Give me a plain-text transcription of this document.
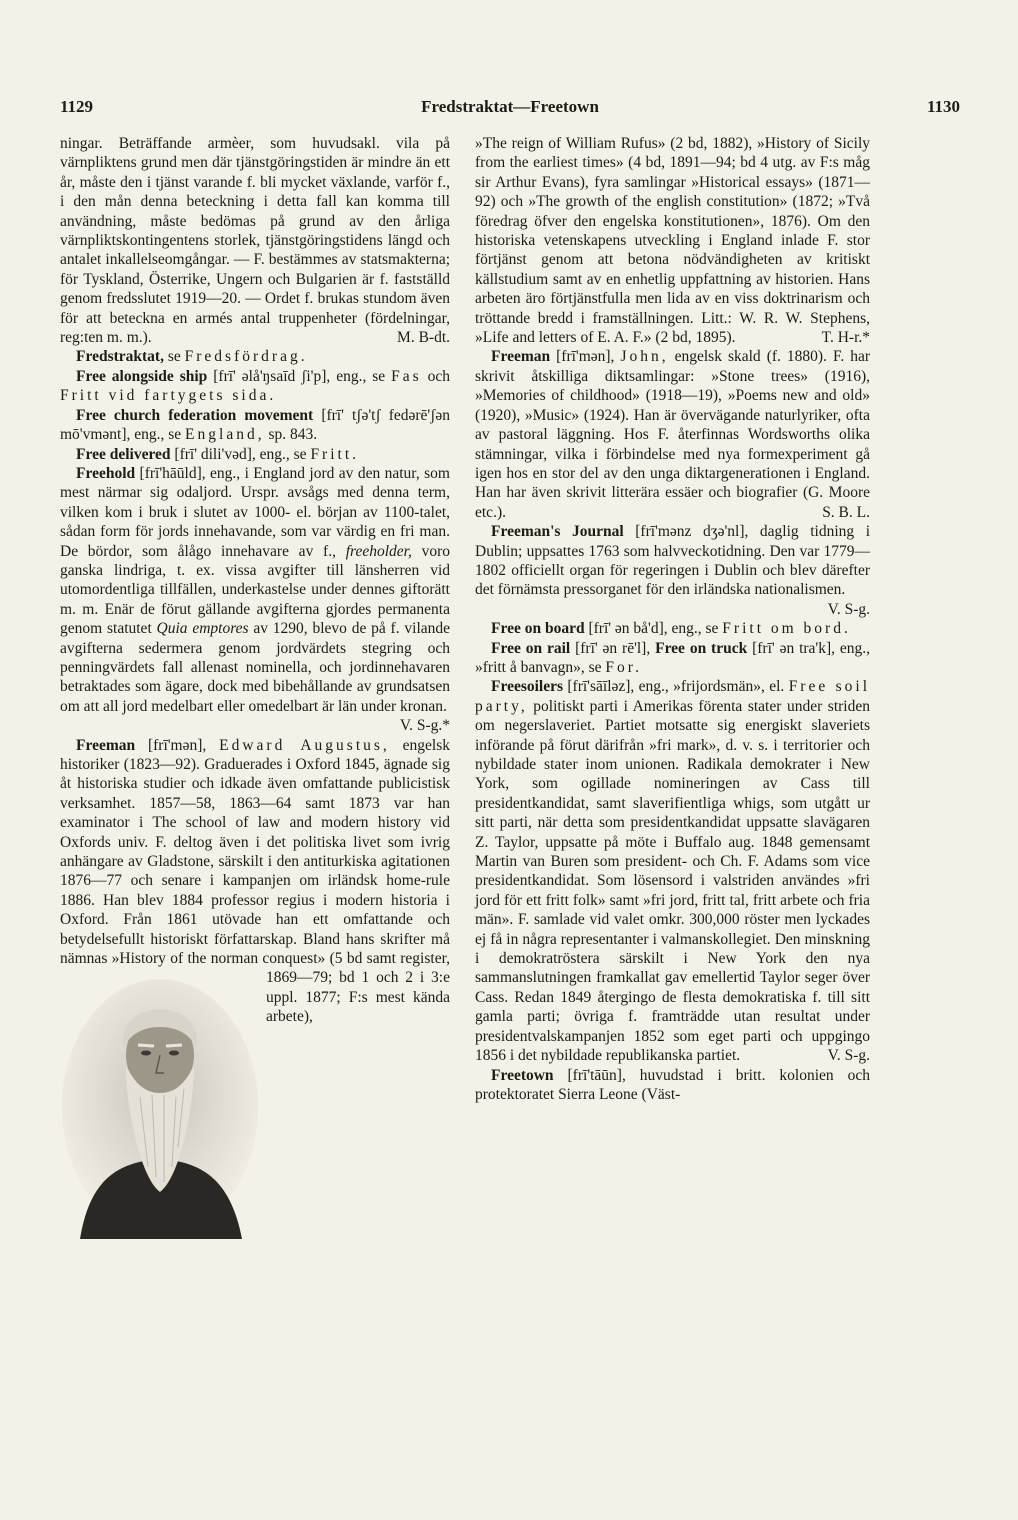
1129	Fredstraktat—Freetown	1130

ningar. Beträffande armèer, som huvudsakl. vila på värnpliktens grund men där tjänstgöringstiden är mindre än ett år, måste den i tjänst varande f. bli mycket växlande, varför f., i den mån denna beteckning i detta fall kan komma till användning, måste bedömas på grund av den årliga värnpliktskontingentens storlek, tjänstgöringstidens längd och antalet inkallelseomgångar. — F. bestämmes av statsmakterna; för Tyskland, Österrike, Ungern och Bulgarien är f. fastställd genom fredsslutet 1919—20. — Ordet f. brukas stundom även för att beteckna en armés antal truppenheter (fördelningar, reg:ten m. m.).	M. B-dt.

Fredstraktat, se Fredsfördrag.

Free alongside ship [frī' əlå'ŋsaīd ʃi'p], eng., se Fas och Fritt vid fartygets sida.

Free church federation movement [frī' tʃə'tʃ fedərē'ʃən mō'vmənt], eng., se England, sp. 843.

Free delivered [frī' dili'vəd], eng., se Fritt.

Freehold [frī'hāūld], eng., i England jord av den natur, som mest närmar sig odaljord. Urspr. avsågs med denna term, vilken kom i bruk i slutet av 1000- el. början av 1100-talet, sådan form för jords innehavande, som var värdig en fri man. De bördor, som ålågo innehavare av f., freeholder, voro ganska lindriga, t. ex. vissa avgifter till länsherren vid utomordentliga tillfällen, underkastelse under dennes giftorätt m. m. Enär de förut gällande avgifterna gjordes permanenta genom statutet Quia emptores av 1290, blevo de på f. vilande avgifterna sedermera genom jordvärdets stegring och penningvärdets fall allenast nominella, och jordinnehavaren betraktades som ägare, dock med bibehållande av grundsatsen om att all jord medelbart eller omedelbart är län under kronan.
V. S-g.*

Freeman [frī'mən], Edward Augustus, engelsk historiker (1823—92). Graduerades i Oxford 1845, ägnade sig åt historiska studier och idkade även omfattande publicistisk verksamhet. 1857—58, 1863—64 samt 1873 var han examinator i The school of law and modern history vid Oxfords univ. F. deltog även i det politiska livet som ivrig anhängare av Gladstone, särskilt i den antiturkiska agitationen 1876—77 och senare i kampanjen om irländsk home-rule 1886. Han blev 1884 professor regius i modern historia i Oxford. Från 1861 utövade han ett omfattande och betydelsefullt historiskt författarskap. Bland hans skrifter må nämnas »History of the norman conquest» (5 bd samt register, 1869—79; bd 1 och 2 i 3:e uppl. 1877; F:s mest kända arbete),

»The reign of William Rufus» (2 bd, 1882), »History of Sicily from the earliest times» (4 bd, 1891—94; bd 4 utg. av F:s måg sir Arthur Evans), fyra samlingar »Historical essays» (1871—92) och »The growth of the english constitution» (1872; »Två föredrag öfver den engelska konstitutionen», 1876). Om den historiska vetenskapens utveckling i England inlade F. stor förtjänst genom att betona nödvändigheten av kritiskt källstudium samt av en enhetlig uppfattning av historien. Hans arbeten äro förtjänstfulla men lida av en viss doktrinarism och tröttande bredd i framställningen. Litt.: W. R. W. Stephens, »Life and letters of E. A. F.» (2 bd, 1895).	T. H-r.*

Freeman [frī'mən], John, engelsk skald (f. 1880). F. har skrivit åtskilliga diktsamlingar: »Stone trees» (1916), »Memories of childhood» (1918—19), »Poems new and old» (1920), »Music» (1924). Han är övervägande naturlyriker, ofta av pastoral läggning. Hos F. återfinnas Wordsworths olika stämningar, vilka i förbindelse med nya formexperiment gå igen hos en stor del av den unga diktargenerationen i England. Han har även skrivit litterära essäer och biografier (G. Moore etc.).	S. B. L.

Freeman's Journal [frī'mənz dʒə'nl], daglig tidning i Dublin; uppsattes 1763 som halvveckotidning. Den var 1779—1802 officiellt organ för regeringen i Dublin och blev därefter det förnämsta pressorganet för den irländska nationalismen.
V. S-g.

Free on board [frī' ən bå'd], eng., se Fritt om bord.

Free on rail [frī' ən rē'l], Free on truck [frī' ən tra'k], eng., »fritt å banvagn», se For.

Freesoilers [frī'sāīləz], eng., »frijordsmän», el. Free soil party, politiskt parti i Amerikas förenta stater under striden om negerslaveriet. Partiet motsatte sig energiskt slaveriets införande på förut därifrån »fri mark», d. v. s. i territorier och nybildade stater inom unionen. Radikala demokrater i New York, som ogillade nomineringen av Cass till presidentkandidat, samt slaverifientliga whigs, som utgått ur sitt parti, när detta som presidentkandidat uppsatte slavägaren Z. Taylor, uppsatte på möte i Buffalo aug. 1848 gemensamt Martin van Buren som president- och Ch. F. Adams som vice presidentkandidat. Som lösensord i valstriden användes »fri jord för ett fritt folk» samt »fri jord, fritt tal, fritt arbete och fria män». F. samlade vid valet omkr. 300,000 röster men lyckades ej få in några representanter i valmanskollegiet. Den minskning i demokratröstera särskilt i New York den nya sammanslutningen framkallat gav emellertid Taylor seger över Cass. Redan 1849 återgingo de flesta demokratiska f. till sitt gamla parti; övriga f. framträdde utan resultat under presidentvalskampanjen 1852 som eget parti och uppgingo 1856 i det nybildade republikanska partiet.	V. S-g.

Freetown [frī'tāūn], huvudstad i britt. kolonien och protektoratet Sierra Leone (Väst-
